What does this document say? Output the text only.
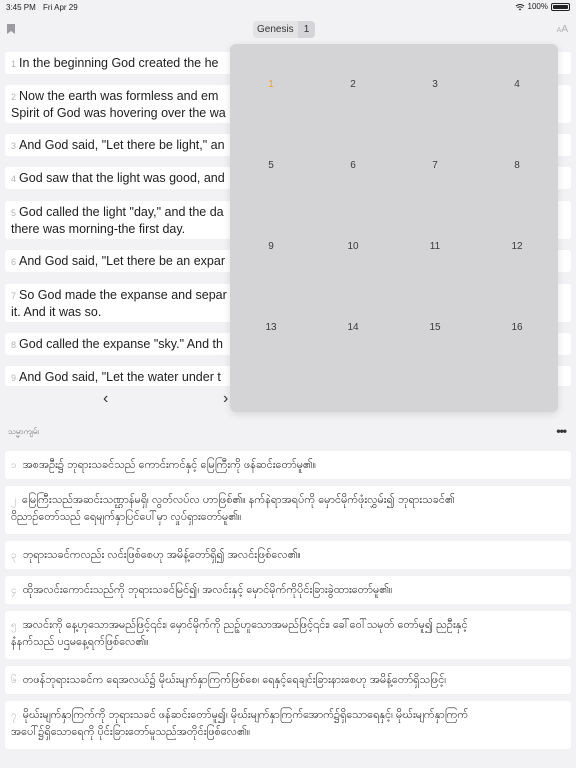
3:45 PM Fri Apr 29	100%
Genesis	1	AA
1 In the beginning God created the he
2 Now the earth was formless and em
Spirit of God was hovering over the wa
3 And God said, "Let there be light," an
4 God saw that the light was good, and
5 God called the light "day," and the da
there was morning-the first day.
6 And God said, "Let there be an expar
7 So God made the expanse and separ
it. And it was so.
8 God called the expanse "sky." And th
9 And God said, "Let the water under t
‹	›
1	2	3	4
5	6	7	8
9	10	11	12
13	14	15	16
သမ္မာကျမ်း	•••
၁ အစအဦး၌ ဘုရားသခင်သည် ကောင်းကင်နှင့် မြေကြီးကို ဖန်ဆင်းတော်မူ၏။
၂ မြေကြီးသည်အဆင်းသဏ္ဌာန်မရှိ၊ လွတ်လပ်လ ဟာဖြစ်၏။ နက်နဲရာအရပ်ကို မှောင်မိုက်ဖုံးလွှမ်း၍ ဘုရားသခင်၏
ဝိညာဉ်တော်သည် ရေမျက်နှာပြင်ပေါ်မှာ လှုပ်ရှားတော်မူ၏။
၃ ဘုရားသခင်ကလည်း လင်းဖြစ်စေဟု အမိန့်တော်ရှိ၍ အလင်းဖြစ်လေ၏။
၄ ထိုအလင်းကောင်းသည်ကို ဘုရားသခင်မြင်၍၊ အလင်းနှင့် မှောင်မိုက်ကိုပိုင်းခြားခွဲထားတော်မူ၏။
၅ အလင်းကို နေ့ဟုသောအမည်ဖြင့်၎င်း၊ မှောင်မိုက်ကို ညဥ့်ဟူသောအမည်ဖြင့်၎င်း၊ ခေါ်ဝေါ်သမုတ် တော်မူ၍ ညဦးနှင့်
နံနက်သည် ပဌမနေ့ရက်ဖြစ်လေ၏။
၆ တဖန်ဘုရားသခင်က ရေအလယ်၌ မိုဃ်းမျက်နှာကြက်ဖြစ်စေ၊ ရေနှင့်ရေချင်းခြားနားစေဟု အမိန့်တော်ရှိသဖြင့်၊
၇ မိုဃ်းမျက်နှာကြက်ကို ဘုရားသခင် ဖန်ဆင်းတော်မူ၍၊ မိုဃ်းမျက်နှာကြက်အောက်၌ရှိသောရေနှင့်၊ မိုဃ်းမျက်နှာကြက်
အပေါ်၌ရှိသောရေကို ပိုင်းခြားတော်မူသည်အတိုင်းဖြစ်လေ၏။
